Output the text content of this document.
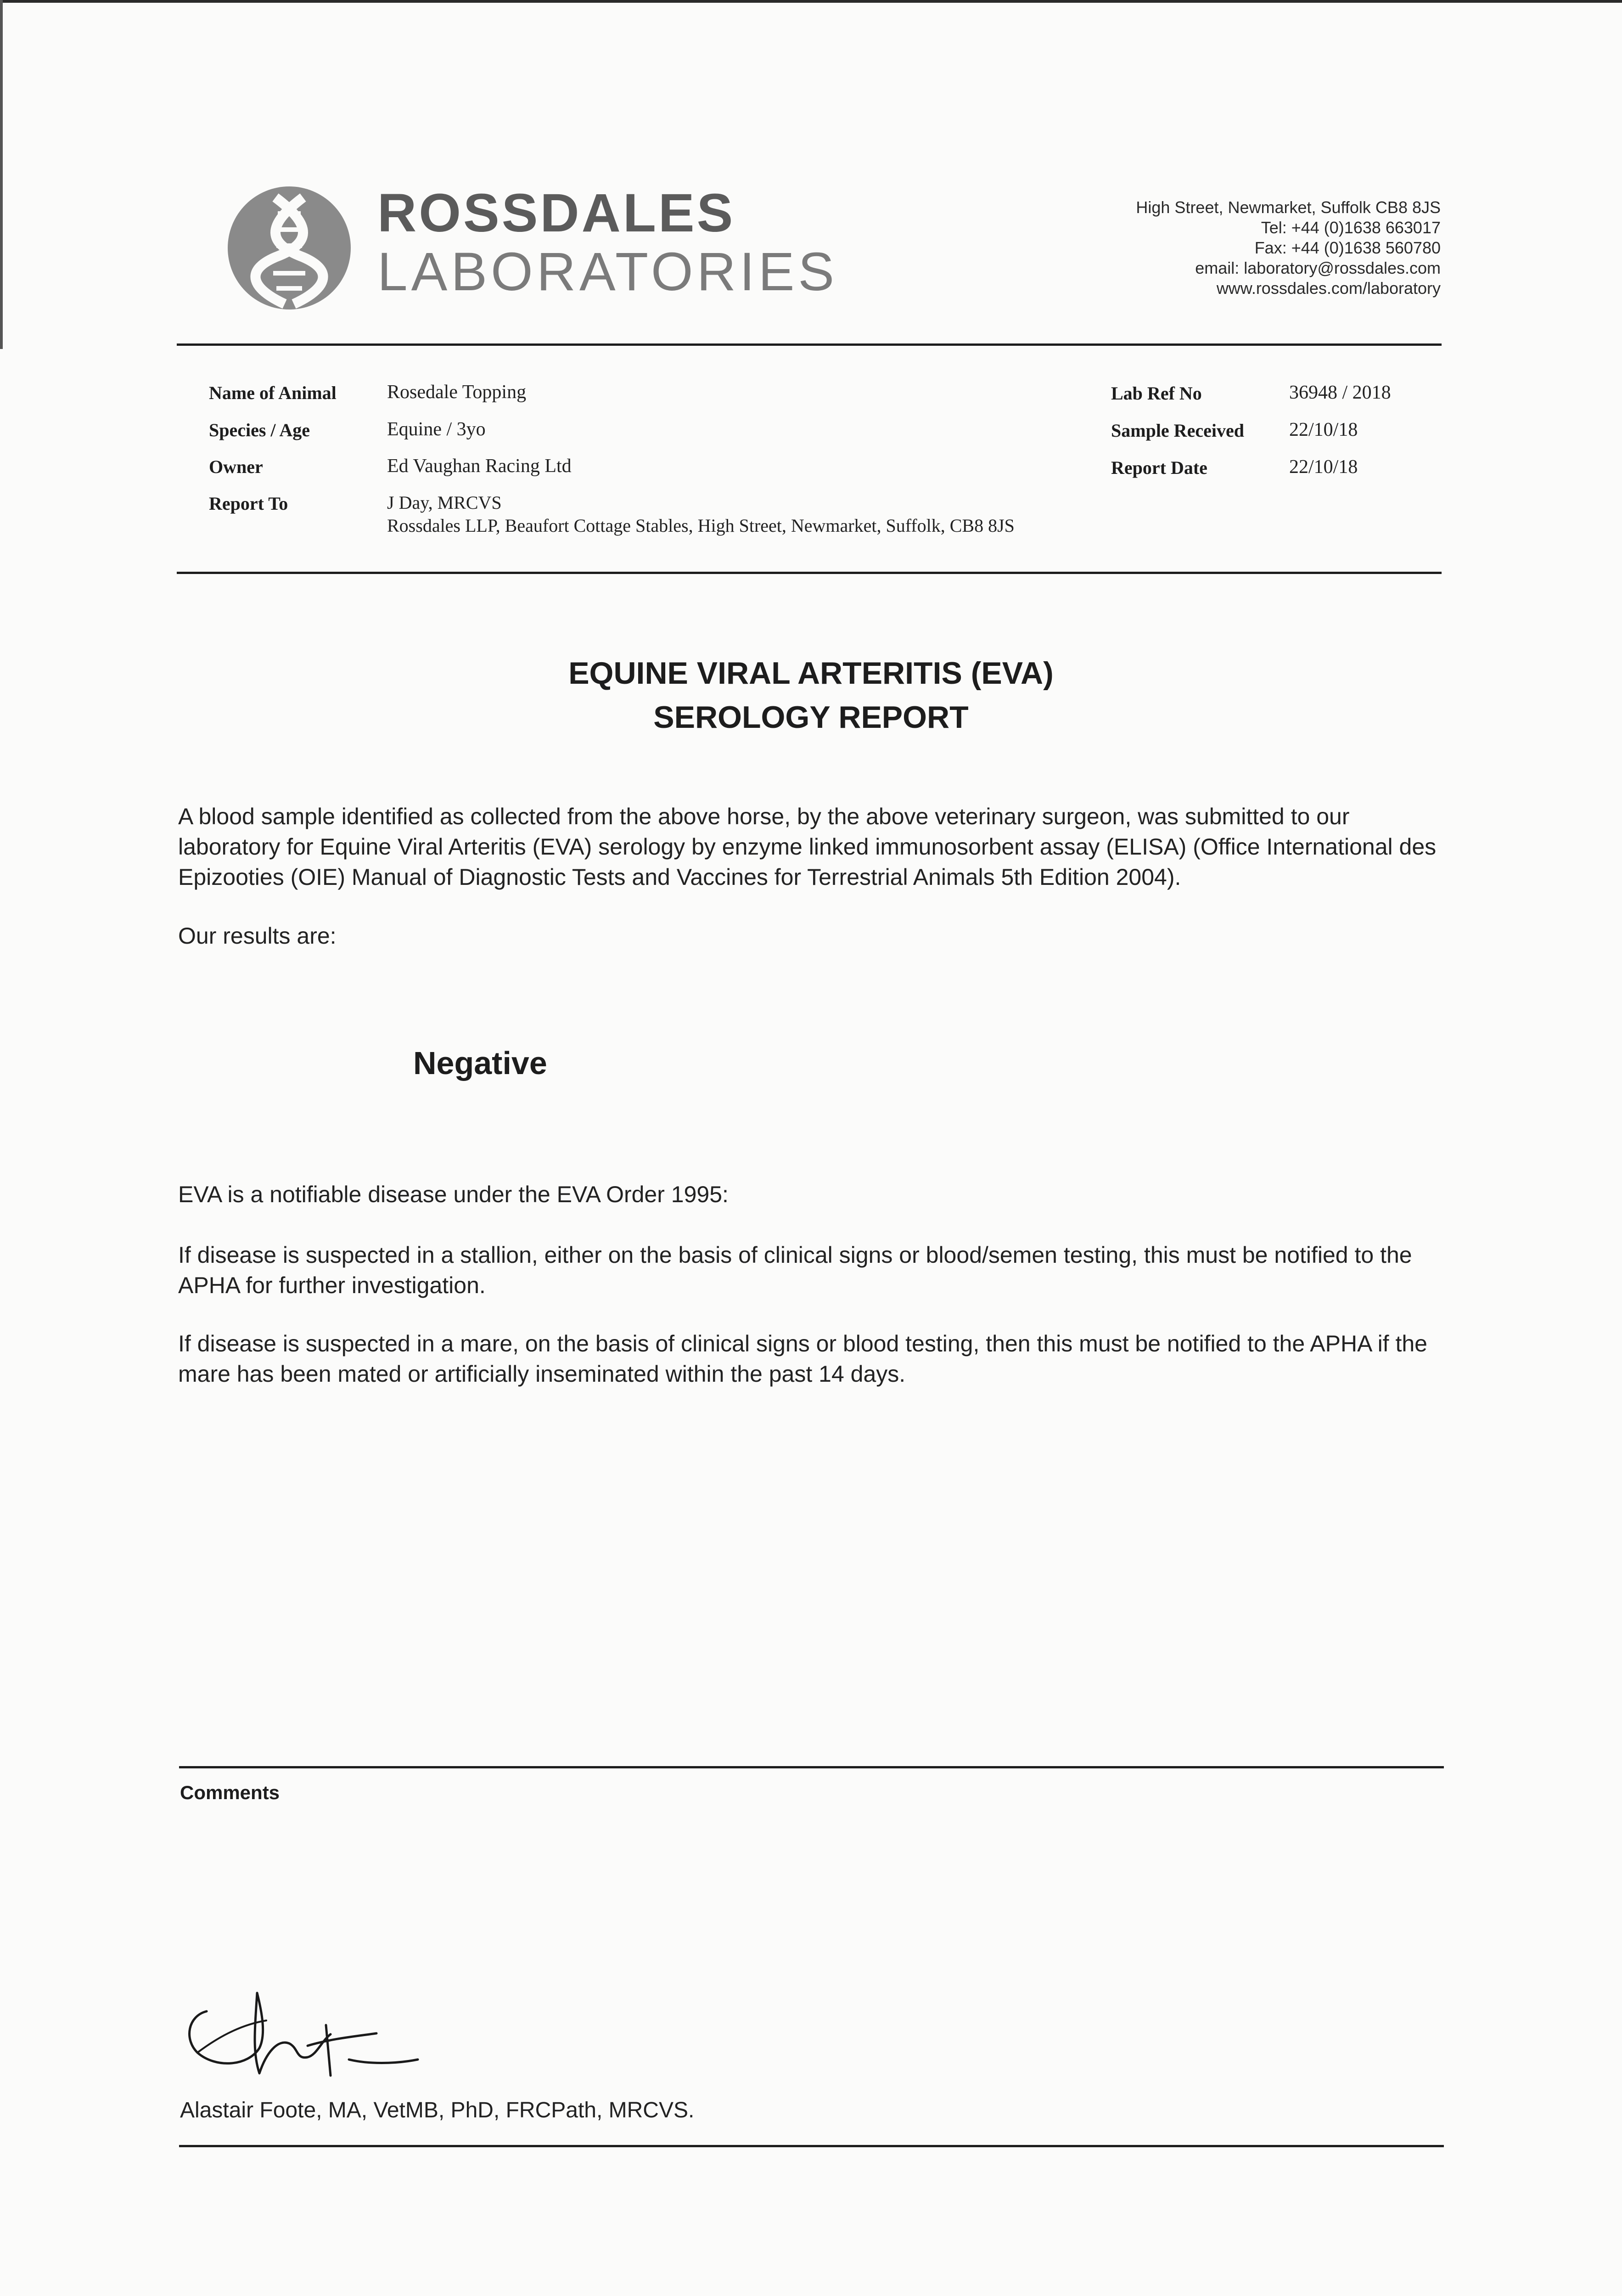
ROSSDALES
LABORATORIES
High Street, Newmarket, Suffolk CB8 8JS
Tel: +44 (0)1638 663017
Fax: +44 (0)1638 560780
email: laboratory@rossdales.com
www.rossdales.com/laboratory
Name of Animal	Rosedale Topping
Species / Age	Equine / 3yo
Owner	Ed Vaughan Racing Ltd
Report To	J Day, MRCVS
Rossdales LLP, Beaufort Cottage Stables, High Street, Newmarket, Suffolk, CB8 8JS
Lab Ref No	36948 / 2018
Sample Received 22/10/18
Report Date	22/10/18
EQUINE VIRAL ARTERITIS (EVA)
SEROLOGY REPORT
A blood sample identified as collected from the above horse, by the above veterinary surgeon, was submitted to our laboratory for Equine Viral Arteritis (EVA) serology by enzyme linked immunosorbent assay (ELISA) (Office International des Epizooties (OIE) Manual of Diagnostic Tests and Vaccines for Terrestrial Animals 5th Edition 2004).
Our results are:
Negative
EVA is a notifiable disease under the EVA Order 1995:
If disease is suspected in a stallion, either on the basis of clinical signs or blood/semen testing, this must be notified to the APHA for further investigation.
If disease is suspected in a mare, on the basis of clinical signs or blood testing, then this must be notified to the APHA if the mare has been mated or artificially inseminated within the past 14 days.
Comments
Alastair Foote, MA, VetMB, PhD, FRCPath, MRCVS.
